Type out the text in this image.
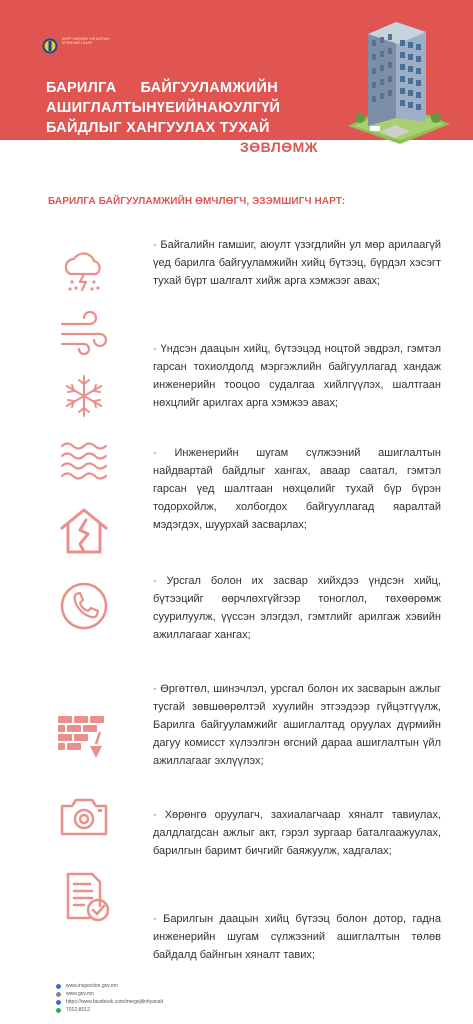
МЭРГЭЖЛИЙН ХЯНАЛТЫН ЕРӨНХИЙ ГАЗАР
БАРИЛГА БАЙГУУЛАМЖИЙН
АШИГЛАЛТЫН ҮЕИЙН АЮУЛГҮЙ
БАЙДЛЫГ ХАНГУУЛАХ ТУХАЙ
ЗӨВЛӨМЖ
БАРИЛГА БАЙГУУЛАМЖИЙН ӨМЧЛӨГЧ, ЭЗЭМШИГЧ НАРТ:
· Байгалийн гамшиг, аюулт үзэгдлийн ул мөр арилаагүй үед барилга байгууламжийн хийц бүтээц, бүрдэл хэсэгт тухай бүрт шалгалт хийж арга хэмжээг авах;
· Үндсэн даацын хийц, бүтээцэд ноцтой эвдрэл, гэмтэл гарсан тохиолдолд мэргэжлийн байгууллагад хандаж инженерийн тооцоо судалгаа хийлгүүлэх, шалтгаан нөхцлийг арилгах арга хэмжээ авах;
· Инженерийн шугам сүлжээний ашиглалтын найдвартай байдлыг хангах, аваар саатал, гэмтэл гарсан үед шалтгаан нөхцөлийг тухай бүр бүрэн тодорхойлж, холбогдох байгууллагад яаралтай мэдэгдэх, шуурхай засварлах;
· Урсгал болон их засвар хийхдээ үндсэн хийц, бүтээцийг өөрчлөхгүйгээр тоноглол, төхөөрөмж суурилуулж, үүссэн элэгдэл, гэмтлийг арилгаж хэвийн ажиллагааг хангах;
· Өргөтгөл, шинэчлэл, урсгал болон их засварын ажлыг тусгай зөвшөөрөлтэй хуулийн этгээдээр гүйцэтгүүлж, Барилга байгууламжийг ашиглалтад оруулах дүрмийн дагуу комисст хүлээлгэн өгсний дараа ашиглалтын үйл ажиллагааг эхлүүлэх;
· Хөрөнгө оруулагч, захиалагчаар хяналт тавиулах, далдлагдсан ажлыг акт, гэрэл зургаар баталгаажуулах, барилгын баримт бичгийг баяжуулж, хадгалах;
· Барилгын даацын хийц бүтээц болон дотор, гадна инженерийн шугам сүлжээний ашиглалтын төлөв байдалд байнгын хяналт тавих;
www.inspection.gov.mn
www.gov.mn
https://www.facebook.com/mergejilinhyanalt
7012-8012
